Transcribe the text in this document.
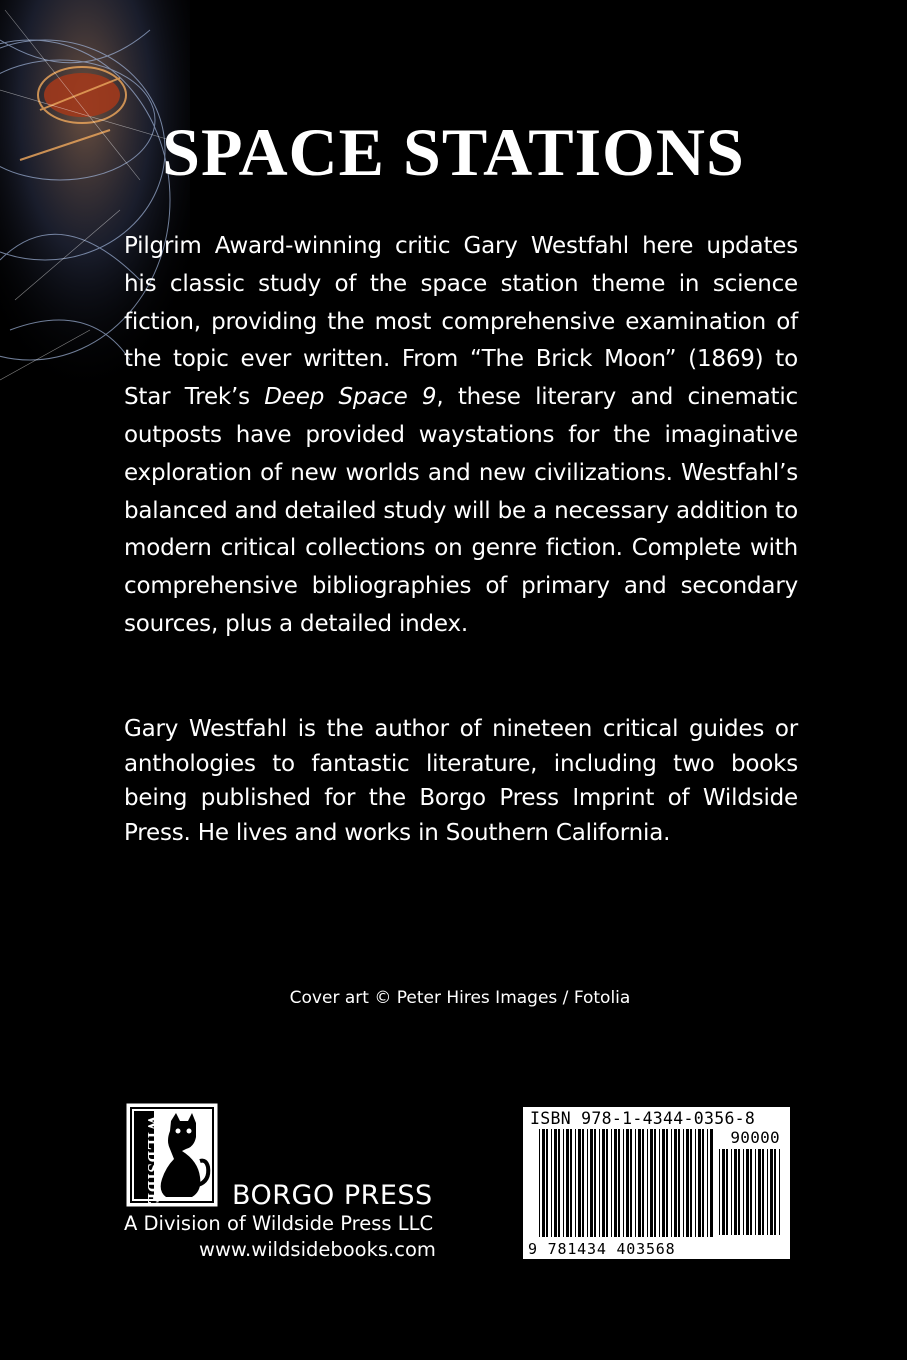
SPACE STATIONS

Pilgrim Award-winning critic Gary Westfahl here updates his classic study of the space station theme in science fiction, providing the most comprehensive examination of the topic ever written. From “The Brick Moon” (1869) to Star Trek’s Deep Space 9, these literary and cinematic outposts have provided waystations for the imaginative exploration of new worlds and new civilizations. Westfahl’s balanced and detailed study will be a necessary addition to modern critical collections on genre fiction. Complete with comprehensive bibliographies of primary and secondary sources, plus a detailed index.

Gary Westfahl is the author of nineteen critical guides or anthologies to fantastic literature, including two books being published for the Borgo Press Imprint of Wildside Press. He lives and works in Southern California.

Cover art © Peter Hires Images / Fotolia

WILDSIDE	BORGO PRESS
A Division of Wildside Press LLC
www.wildsidebooks.com
ISBN 978-1-4344-0356-8
90000
9 781434 403568
